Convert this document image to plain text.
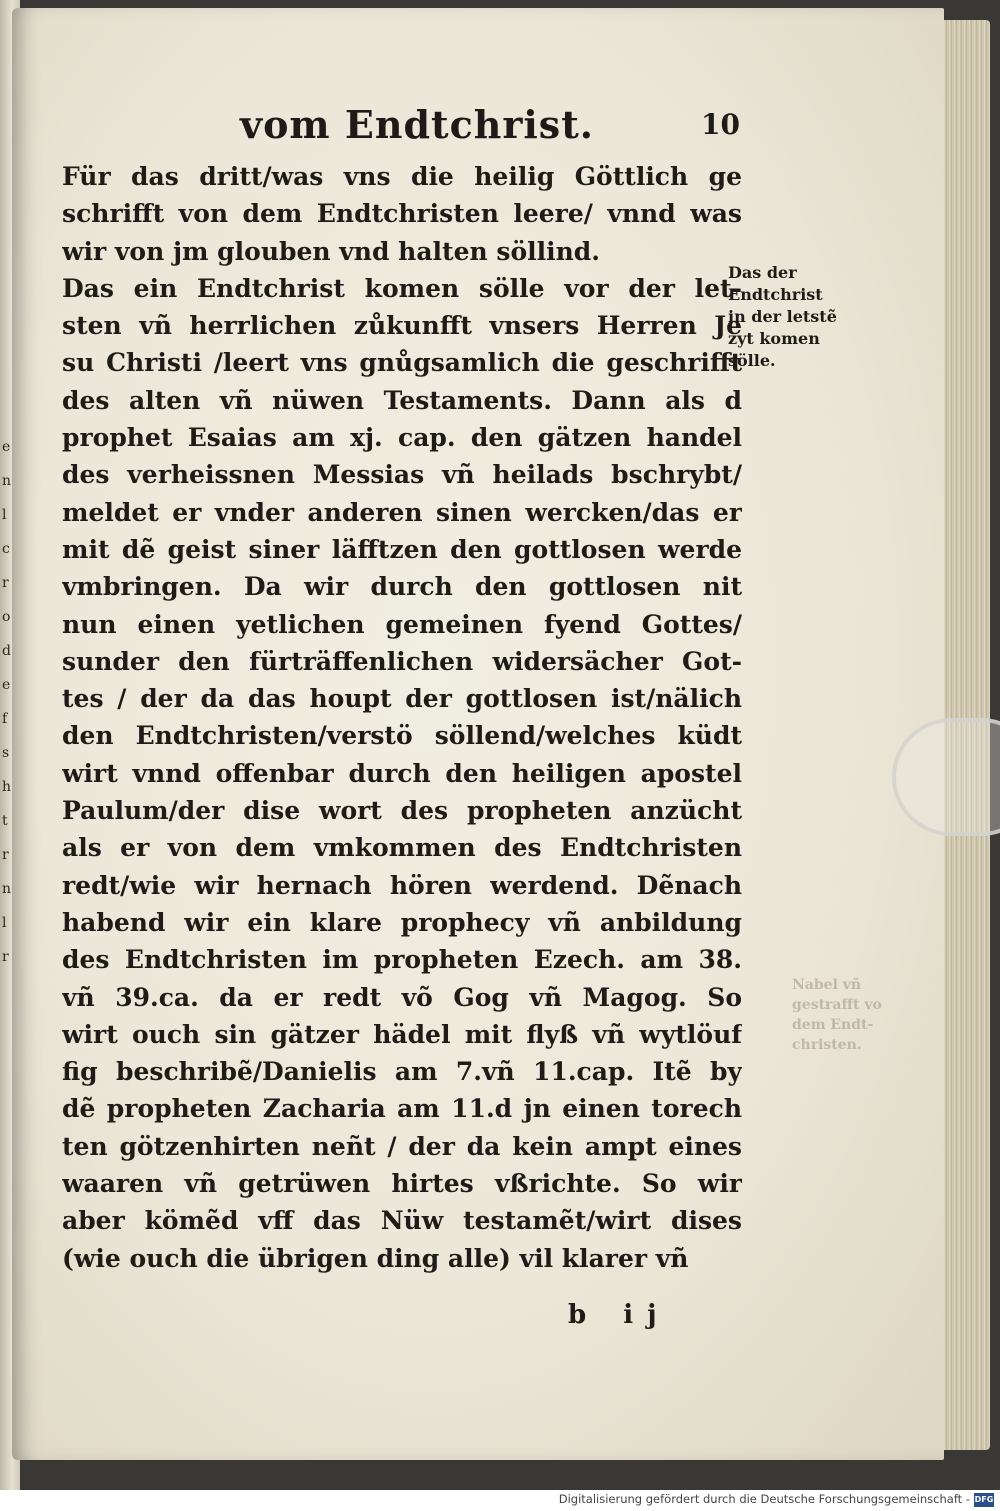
e
n
l
c
r
o
d
e
f
s
h
t
r
n
l
r
vom Endtchrist.	10
Für das dritt/was vns die heilig Göttlich ge
schrifft von dem Endtchristen leere/ vnnd was
wir von jm glouben vnd halten söllind.
Das ein Endtchrist komen sölle vor der let-
sten vñ herrlichen zůkunfft vnsers Herren Je
su Christi /leert vns gnůgsamlich die geschrifft
des alten vñ nüwen Testaments. Dann als d
prophet Esaias am xj. cap. den gätzen handel
des verheissnen Messias vñ heilads bschrybt/
meldet er vnder anderen sinen wercken/das er
mit dẽ geist siner läfftzen den gottlosen werde
vmbringen. Da wir durch den gottlosen nit
nun einen yetlichen gemeinen fyend Gottes/
sunder den fürträffenlichen widersächer Got-
tes / der da das houpt der gottlosen ist/nälich
den Endtchristen/verstö söllend/welches küdt
wirt vnnd offenbar durch den heiligen apostel
Paulum/der dise wort des propheten anzücht
als er von dem vmkommen des Endtchristen
redt/wie wir hernach hören werdend. Dẽnach
habend wir ein klare prophecy vñ anbildung
des Endtchristen im propheten Ezech. am 38.
vñ 39.ca. da er redt võ Gog vñ Magog. So
wirt ouch sin gätzer hädel mit flyß vñ wytlöuf
fig beschribẽ/Danielis am 7.vñ 11.cap. Itẽ by
dẽ propheten Zacharia am 11.d jn einen torech
ten götzenhirten neñt / der da kein ampt eines
waaren vñ getrüwen hirtes vßrichte. So wir
aber kömẽd vff das Nüw testamẽt/wirt dises
(wie ouch die übrigen ding alle) vil klarer vñ
Das der
Endtchrist
in der letstẽ
zyt komen
sölle.
Nabel vñ
gestrafft vo
dem Endt-
christen.
b ij
Digitalisierung gefördert durch die Deutsche Forschungsgemeinschaft - DFG
